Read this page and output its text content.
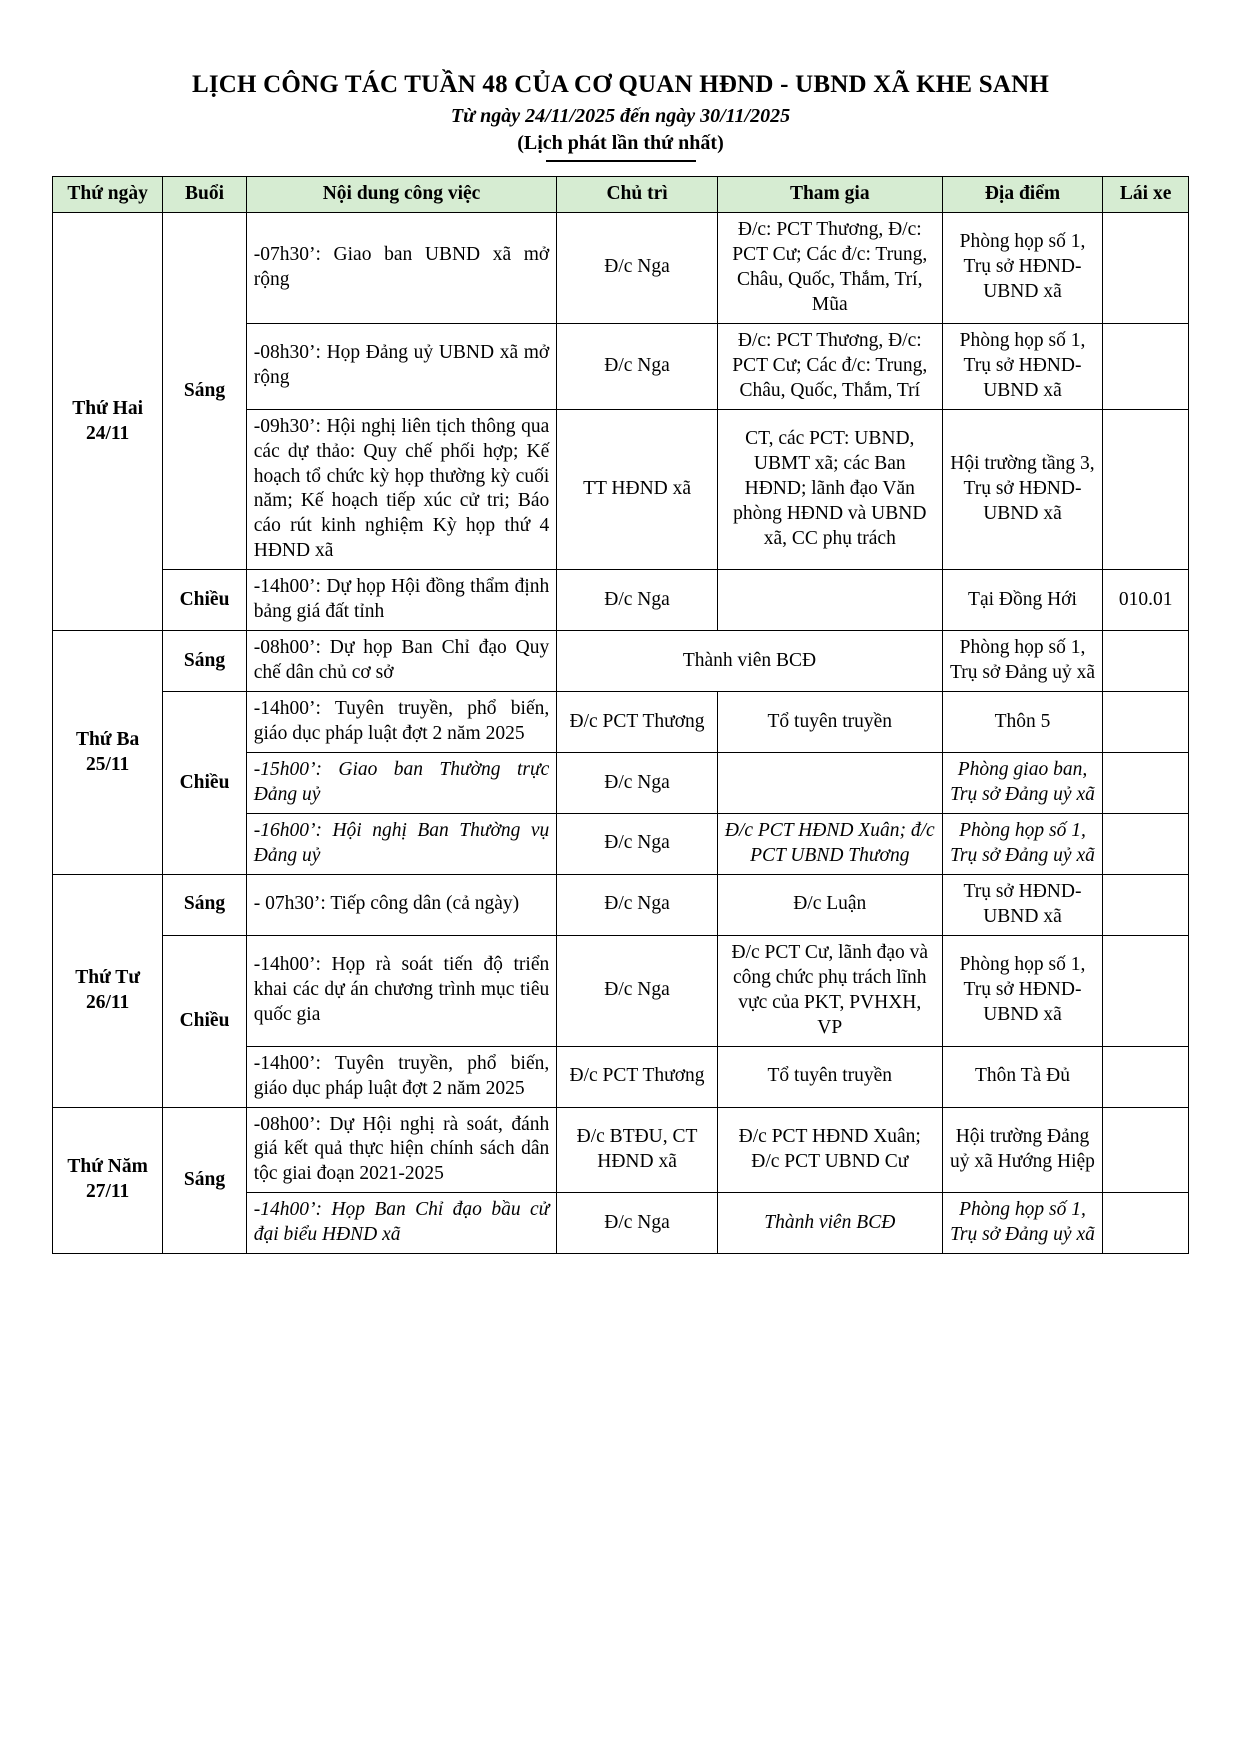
LỊCH CÔNG TÁC TUẦN 48 CỦA CƠ QUAN HĐND - UBND XÃ KHE SANH
Từ ngày 24/11/2025 đến ngày 30/11/2025
(Lịch phát lần thứ nhất)
Thứ ngày	Buổi	Nội dung công việc	Chủ trì	Tham gia	Địa điểm	Lái xe
Thứ Hai
24/11	Sáng	-07h30’: Giao ban UBND xã mở rộng	Đ/c Nga	Đ/c: PCT Thương, Đ/c: PCT Cư; Các đ/c: Trung, Châu, Quốc, Thắm, Trí, Mũa	Phòng họp số 1, Trụ sở HĐND-UBND xã	
		-08h30’: Họp Đảng uỷ UBND xã mở rộng	Đ/c Nga	Đ/c: PCT Thương, Đ/c: PCT Cư; Các đ/c: Trung, Châu, Quốc, Thắm, Trí	Phòng họp số 1, Trụ sở HĐND-UBND xã	
		-09h30’: Hội nghị liên tịch thông qua các dự thảo: Quy chế phối hợp; Kế hoạch tổ chức kỳ họp thường kỳ cuối năm; Kế hoạch tiếp xúc cử tri; Báo cáo rút kinh nghiệm Kỳ họp thứ 4 HĐND xã	TT HĐND xã	CT, các PCT: UBND, UBMT xã; các Ban HĐND; lãnh đạo Văn phòng HĐND và UBND xã, CC phụ trách	Hội trường tầng 3, Trụ sở HĐND-UBND xã	
	Chiều	-14h00’: Dự họp Hội đồng thẩm định bảng giá đất tỉnh	Đ/c Nga		Tại Đồng Hới	010.01
Thứ Ba
25/11	Sáng	-08h00’: Dự họp Ban Chỉ đạo Quy chế dân chủ cơ sở	Thành viên BCĐ		Phòng họp số 1, Trụ sở Đảng uỷ xã	
	Chiều	-14h00’: Tuyên truyền, phổ biến, giáo dục pháp luật đợt 2 năm 2025	Đ/c PCT Thương	Tổ tuyên truyền	Thôn 5	
		-15h00’: Giao ban Thường trực Đảng uỷ	Đ/c Nga		Phòng giao ban, Trụ sở Đảng uỷ xã	
		-16h00’: Hội nghị Ban Thường vụ Đảng uỷ	Đ/c Nga	Đ/c PCT HĐND Xuân; đ/c PCT UBND Thương	Phòng họp số 1, Trụ sở Đảng uỷ xã	
Thứ Tư
26/11	Sáng	- 07h30’: Tiếp công dân (cả ngày)	Đ/c Nga	Đ/c Luận	Trụ sở HĐND-UBND xã	
	Chiều	-14h00’: Họp rà soát tiến độ triển khai các dự án chương trình mục tiêu quốc gia	Đ/c Nga	Đ/c PCT Cư, lãnh đạo và công chức phụ trách lĩnh vực của PKT, PVHXH, VP	Phòng họp số 1, Trụ sở HĐND-UBND xã	
		-14h00’: Tuyên truyền, phổ biến, giáo dục pháp luật đợt 2 năm 2025	Đ/c PCT Thương	Tổ tuyên truyền	Thôn Tà Đủ	
Thứ Năm
27/11	Sáng	-08h00’: Dự Hội nghị rà soát, đánh giá kết quả thực hiện chính sách dân tộc giai đoạn 2021-2025	Đ/c BTĐU, CT HĐND xã	Đ/c PCT HĐND Xuân; Đ/c PCT UBND Cư	Hội trường Đảng uỷ xã Hướng Hiệp	
		-14h00’: Họp Ban Chỉ đạo bầu cử đại biểu HĐND xã	Đ/c Nga	Thành viên BCĐ	Phòng họp số 1, Trụ sở Đảng uỷ xã	
